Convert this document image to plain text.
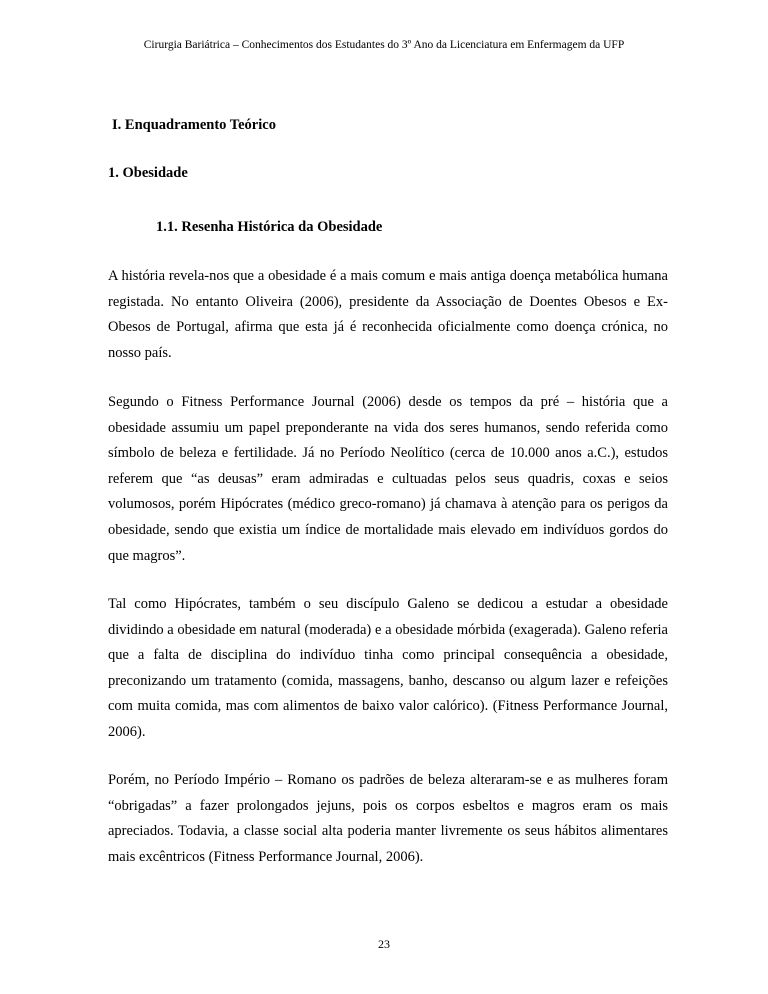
Cirurgia Bariátrica – Conhecimentos dos Estudantes do 3º Ano da Licenciatura em Enfermagem da UFP
I. Enquadramento Teórico
1. Obesidade
1.1. Resenha Histórica da Obesidade

A história revela-nos que a obesidade é a mais comum e mais antiga doença metabólica humana registada. No entanto Oliveira (2006), presidente da Associação de Doentes Obesos e Ex-Obesos de Portugal, afirma que esta já é reconhecida oficialmente como doença crónica, no nosso país.

Segundo o Fitness Performance Journal (2006) desde os tempos da pré – história que a obesidade assumiu um papel preponderante na vida dos seres humanos, sendo referida como símbolo de beleza e fertilidade. Já no Período Neolítico (cerca de 10.000 anos a.C.), estudos referem que “as deusas” eram admiradas e cultuadas pelos seus quadris, coxas e seios volumosos, porém Hipócrates (médico greco-romano) já chamava à atenção para os perigos da obesidade, sendo que existia um índice de mortalidade mais elevado em indivíduos gordos do que magros”.

Tal como Hipócrates, também o seu discípulo Galeno se dedicou a estudar a obesidade dividindo a obesidade em natural (moderada) e a obesidade mórbida (exagerada). Galeno referia que a falta de disciplina do indivíduo tinha como principal consequência a obesidade, preconizando um tratamento (comida, massagens, banho, descanso ou algum lazer e refeições com muita comida, mas com alimentos de baixo valor calórico). (Fitness Performance Journal, 2006).

Porém, no Período Império – Romano os padrões de beleza alteraram-se e as mulheres foram “obrigadas” a fazer prolongados jejuns, pois os corpos esbeltos e magros eram os mais apreciados. Todavia, a classe social alta poderia manter livremente os seus hábitos alimentares mais excêntricos (Fitness Performance Journal, 2006).

23
